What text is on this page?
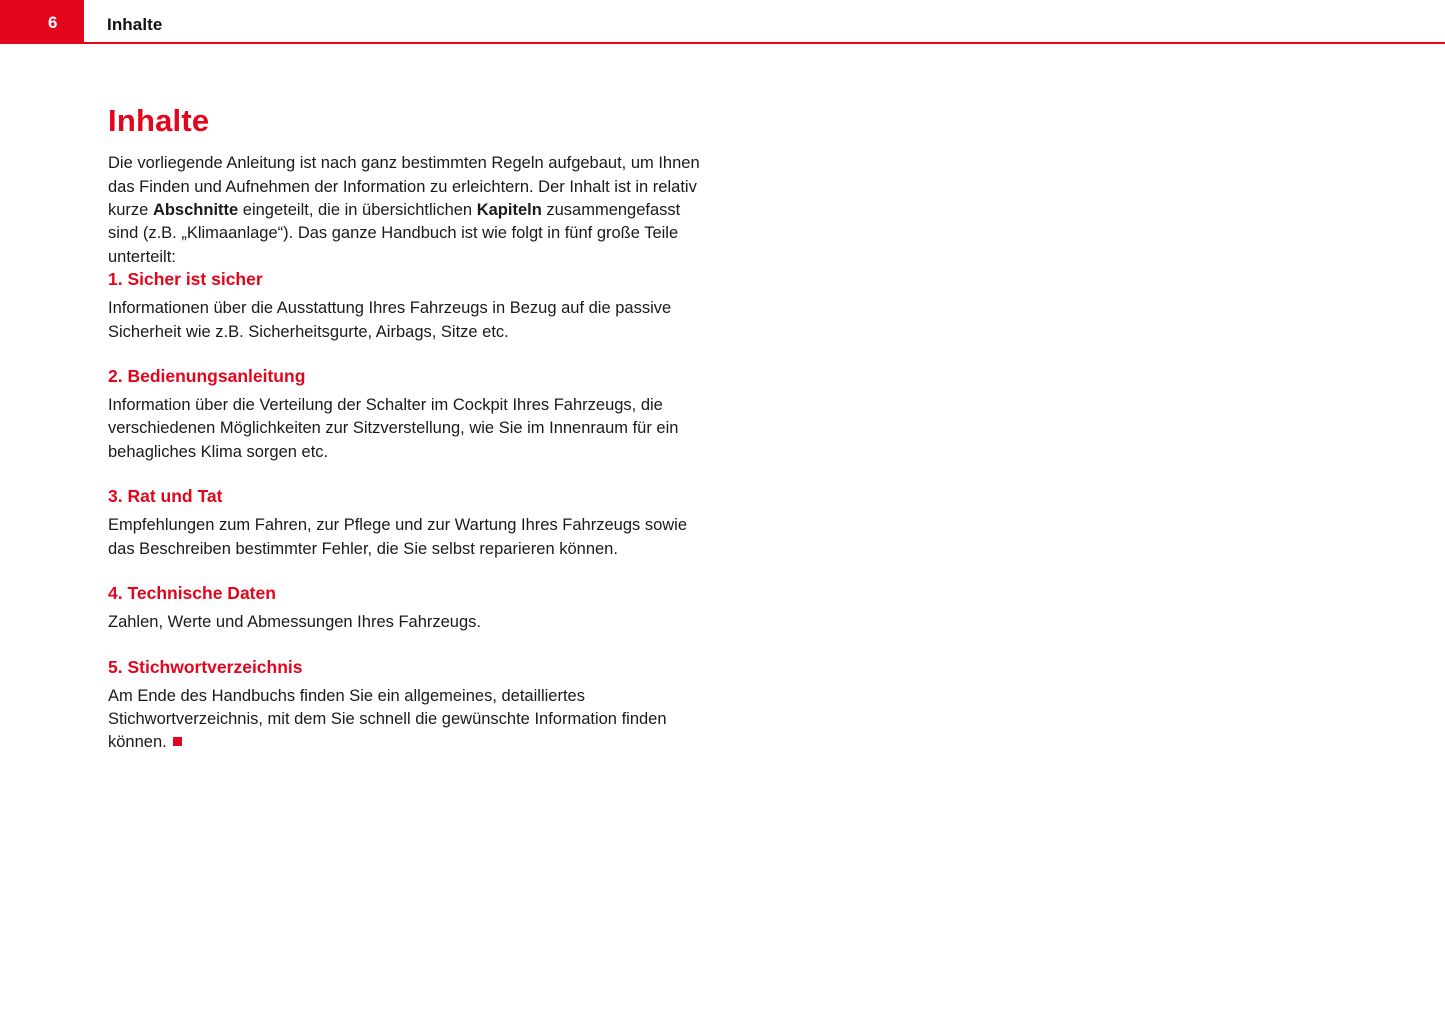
6	Inhalte
Inhalte

Die vorliegende Anleitung ist nach ganz bestimmten Regeln aufgebaut, um Ihnen das Finden und Aufnehmen der Information zu erleichtern. Der Inhalt ist in relativ kurze Abschnitte eingeteilt, die in übersichtlichen Kapiteln zusammengefasst sind (z.B. „Klimaanlage“). Das ganze Handbuch ist wie folgt in fünf große Teile unterteilt:

1. Sicher ist sicher

Informationen über die Ausstattung Ihres Fahrzeugs in Bezug auf die passive Sicherheit wie z.B. Sicherheitsgurte, Airbags, Sitze etc.

2. Bedienungsanleitung

Information über die Verteilung der Schalter im Cockpit Ihres Fahrzeugs, die verschiedenen Möglichkeiten zur Sitzverstellung, wie Sie im Innenraum für ein behagliches Klima sorgen etc.

3. Rat und Tat

Empfehlungen zum Fahren, zur Pflege und zur Wartung Ihres Fahrzeugs sowie das Beschreiben bestimmter Fehler, die Sie selbst reparieren können.

4. Technische Daten

Zahlen, Werte und Abmessungen Ihres Fahrzeugs.

5. Stichwortverzeichnis

Am Ende des Handbuchs finden Sie ein allgemeines, detailliertes Stichwortverzeichnis, mit dem Sie schnell die gewünschte Information finden können.
